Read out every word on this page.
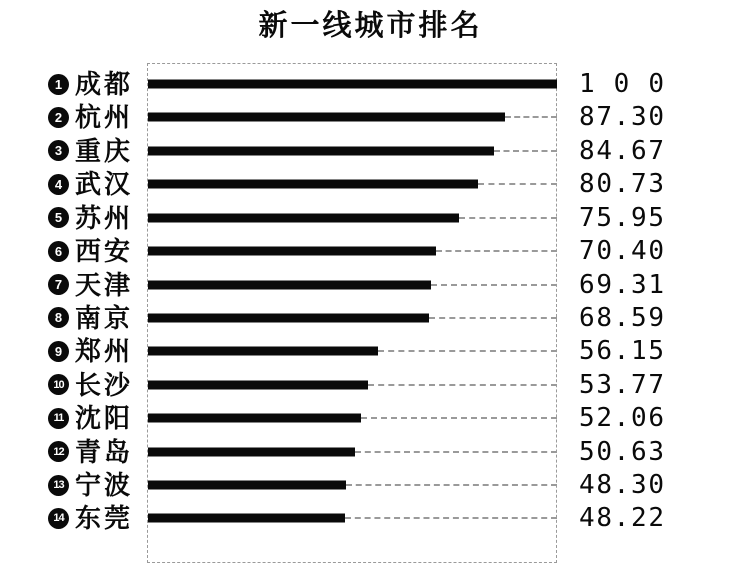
新一线城市排名
1 成都	1 0 0
2 杭州	8 7 . 3 0
3 重庆	8 4 . 6 7
4 武汉	8 0 . 7 3
5 苏州	7 5 . 9 5
6 西安	7 0 . 4 0
7 天津	6 9 . 3 1
8 南京	6 8 . 5 9
9 郑州	5 6 . 1 5
10 长沙	5 3 . 7 7
11 沈阳	5 2 . 0 6
12 青岛	5 0 . 6 3
13 宁波	4 8 . 3 0
14 东莞	4 8 . 2 2
